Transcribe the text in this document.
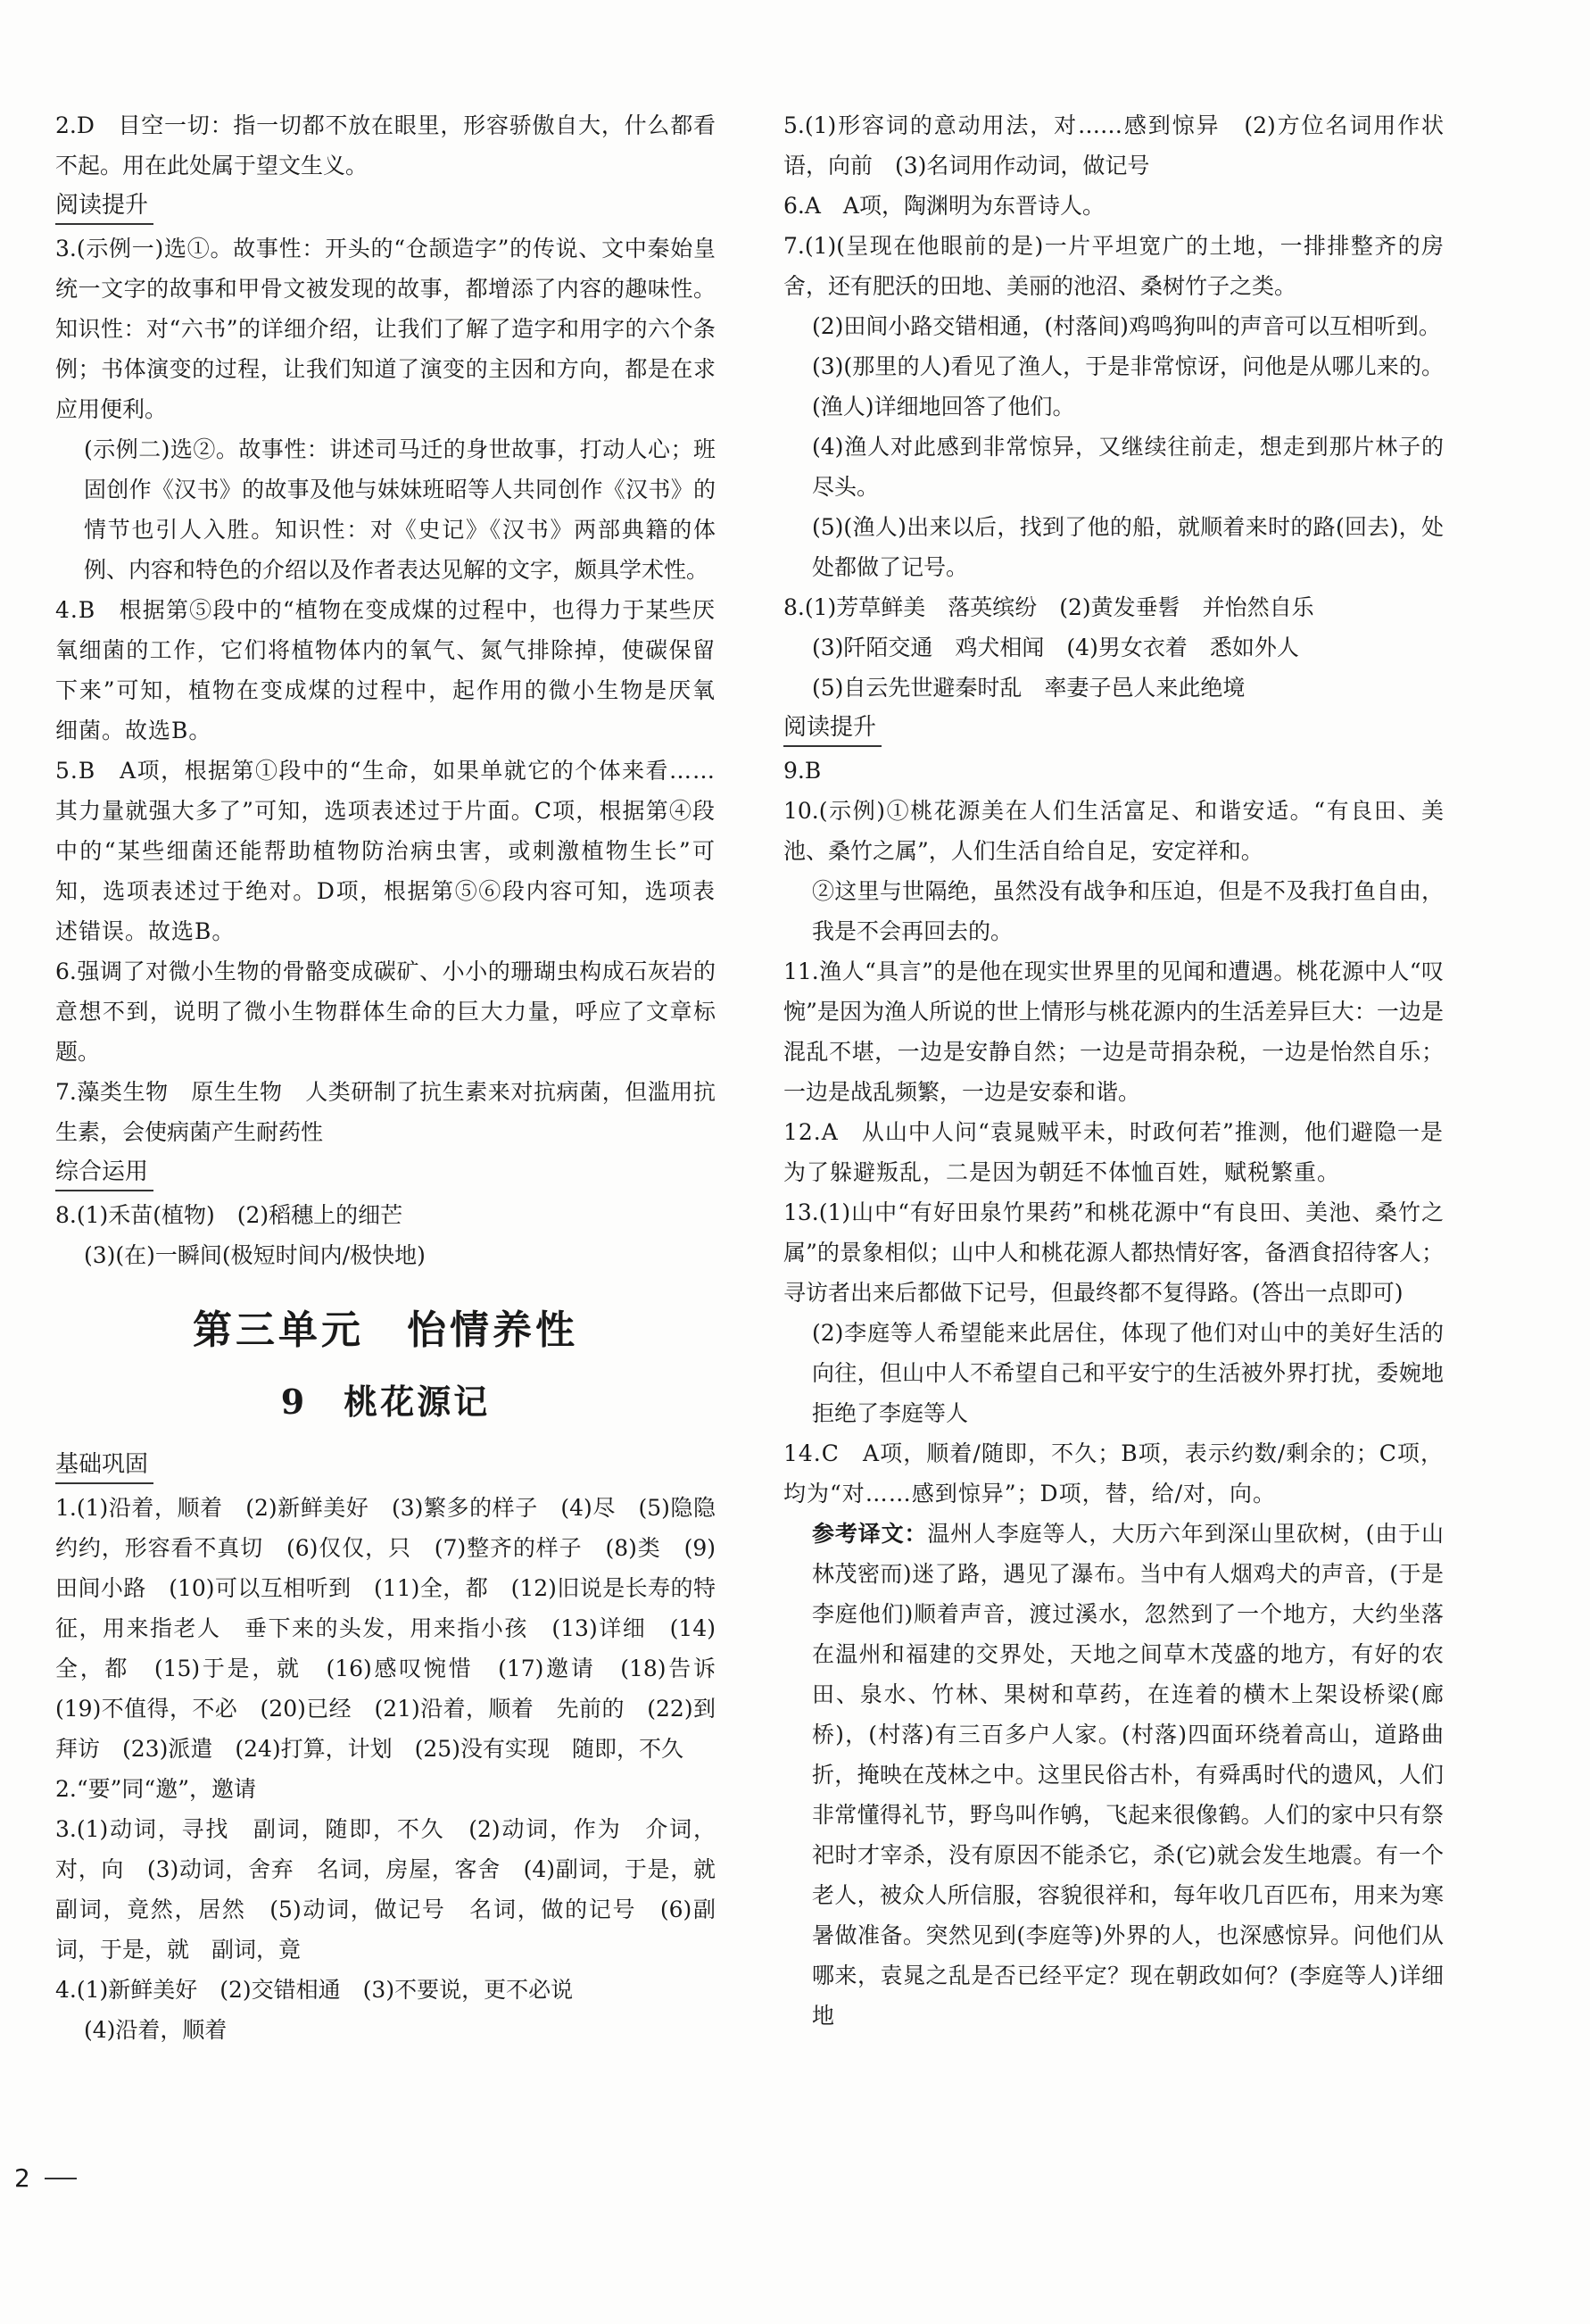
2.D　目空一切：指一切都不放在眼里，形容骄傲自大，什么都看不起。用在此处属于望文生义。

阅读提升

3.(示例一)选①。故事性：开头的“仓颉造字”的传说、文中秦始皇统一文字的故事和甲骨文被发现的故事，都增添了内容的趣味性。知识性：对“六书”的详细介绍，让我们了解了造字和用字的六个条例；书体演变的过程，让我们知道了演变的主因和方向，都是在求应用便利。

(示例二)选②。故事性：讲述司马迁的身世故事，打动人心；班固创作《汉书》的故事及他与妹妹班昭等人共同创作《汉书》的情节也引人入胜。知识性：对《史记》《汉书》两部典籍的体例、内容和特色的介绍以及作者表达见解的文字，颇具学术性。

4.B　根据第⑤段中的“植物在变成煤的过程中，也得力于某些厌氧细菌的工作，它们将植物体内的氧气、氮气排除掉，使碳保留下来”可知，植物在变成煤的过程中，起作用的微小生物是厌氧细菌。故选B。

5.B　A项，根据第①段中的“生命，如果单就它的个体来看……其力量就强大多了”可知，选项表述过于片面。C项，根据第④段中的“某些细菌还能帮助植物防治病虫害，或刺激植物生长”可知，选项表述过于绝对。D项，根据第⑤⑥段内容可知，选项表述错误。故选B。

6.强调了对微小生物的骨骼变成碳矿、小小的珊瑚虫构成石灰岩的意想不到，说明了微小生物群体生命的巨大力量，呼应了文章标题。

7.藻类生物　原生生物　人类研制了抗生素来对抗病菌，但滥用抗生素，会使病菌产生耐药性

综合运用

8.(1)禾苗(植物)　(2)稻穗上的细芒

(3)(在)一瞬间(极短时间内/极快地)

第三单元　怡情养性
9　桃花源记
基础巩固

1.(1)沿着，顺着　(2)新鲜美好　(3)繁多的样子　(4)尽　(5)隐隐约约，形容看不真切　(6)仅仅，只　(7)整齐的样子　(8)类　(9)田间小路　(10)可以互相听到　(11)全，都　(12)旧说是长寿的特征，用来指老人　垂下来的头发，用来指小孩　(13)详细　(14)全，都　(15)于是，就　(16)感叹惋惜　(17)邀请　(18)告诉　(19)不值得，不必　(20)已经　(21)沿着，顺着　先前的　(22)到　拜访　(23)派遣　(24)打算，计划　(25)没有实现　随即，不久

2.“要”同“邀”，邀请

3.(1)动词，寻找　副词，随即，不久　(2)动词，作为　介词，对，向　(3)动词，舍弃　名词，房屋，客舍　(4)副词，于是，就　副词，竟然，居然　(5)动词，做记号　名词，做的记号　(6)副词，于是，就　副词，竟

4.(1)新鲜美好　(2)交错相通　(3)不要说，更不必说

(4)沿着，顺着

5.(1)形容词的意动用法，对……感到惊异　(2)方位名词用作状语，向前　(3)名词用作动词，做记号

6.A　A项，陶渊明为东晋诗人。

7.(1)(呈现在他眼前的是)一片平坦宽广的土地，一排排整齐的房舍，还有肥沃的田地、美丽的池沼、桑树竹子之类。

(2)田间小路交错相通，(村落间)鸡鸣狗叫的声音可以互相听到。

(3)(那里的人)看见了渔人，于是非常惊讶，问他是从哪儿来的。(渔人)详细地回答了他们。

(4)渔人对此感到非常惊异，又继续往前走，想走到那片林子的尽头。

(5)(渔人)出来以后，找到了他的船，就顺着来时的路(回去)，处处都做了记号。

8.(1)芳草鲜美　落英缤纷　(2)黄发垂髫　并怡然自乐

(3)阡陌交通　鸡犬相闻　(4)男女衣着　悉如外人

(5)自云先世避秦时乱　率妻子邑人来此绝境

阅读提升

9.B

10.(示例)①桃花源美在人们生活富足、和谐安适。“有良田、美池、桑竹之属”，人们生活自给自足，安定祥和。

②这里与世隔绝，虽然没有战争和压迫，但是不及我打鱼自由，我是不会再回去的。

11.渔人“具言”的是他在现实世界里的见闻和遭遇。桃花源中人“叹惋”是因为渔人所说的世上情形与桃花源内的生活差异巨大：一边是混乱不堪，一边是安静自然；一边是苛捐杂税，一边是怡然自乐；一边是战乱频繁，一边是安泰和谐。

12.A　从山中人问“袁晁贼平未，时政何若”推测，他们避隐一是为了躲避叛乱，二是因为朝廷不体恤百姓，赋税繁重。

13.(1)山中“有好田泉竹果药”和桃花源中“有良田、美池、桑竹之属”的景象相似；山中人和桃花源人都热情好客，备酒食招待客人；寻访者出来后都做下记号，但最终都不复得路。(答出一点即可)

(2)李庭等人希望能来此居住，体现了他们对山中的美好生活的向往，但山中人不希望自己和平安宁的生活被外界打扰，委婉地拒绝了李庭等人

14.C　A项，顺着/随即，不久；B项，表示约数/剩余的；C项，均为“对……感到惊异”；D项，替，给/对，向。

参考译文：温州人李庭等人，大历六年到深山里砍树，(由于山林茂密而)迷了路，遇见了瀑布。当中有人烟鸡犬的声音，(于是李庭他们)顺着声音，渡过溪水，忽然到了一个地方，大约坐落在温州和福建的交界处，天地之间草木茂盛的地方，有好的农田、泉水、竹林、果树和草药，在连着的横木上架设桥梁(廊桥)，(村落)有三百多户人家。(村落)四面环绕着高山，道路曲折，掩映在茂林之中。这里民俗古朴，有舜禹时代的遗风，人们非常懂得礼节，野鸟叫作鸲，飞起来很像鹤。人们的家中只有祭祀时才宰杀，没有原因不能杀它，杀(它)就会发生地震。有一个老人，被众人所信服，容貌很祥和，每年收几百匹布，用来为寒暑做准备。突然见到(李庭等)外界的人，也深感惊异。问他们从哪来，袁晁之乱是否已经平定？现在朝政如何？(李庭等人)详细地

2
